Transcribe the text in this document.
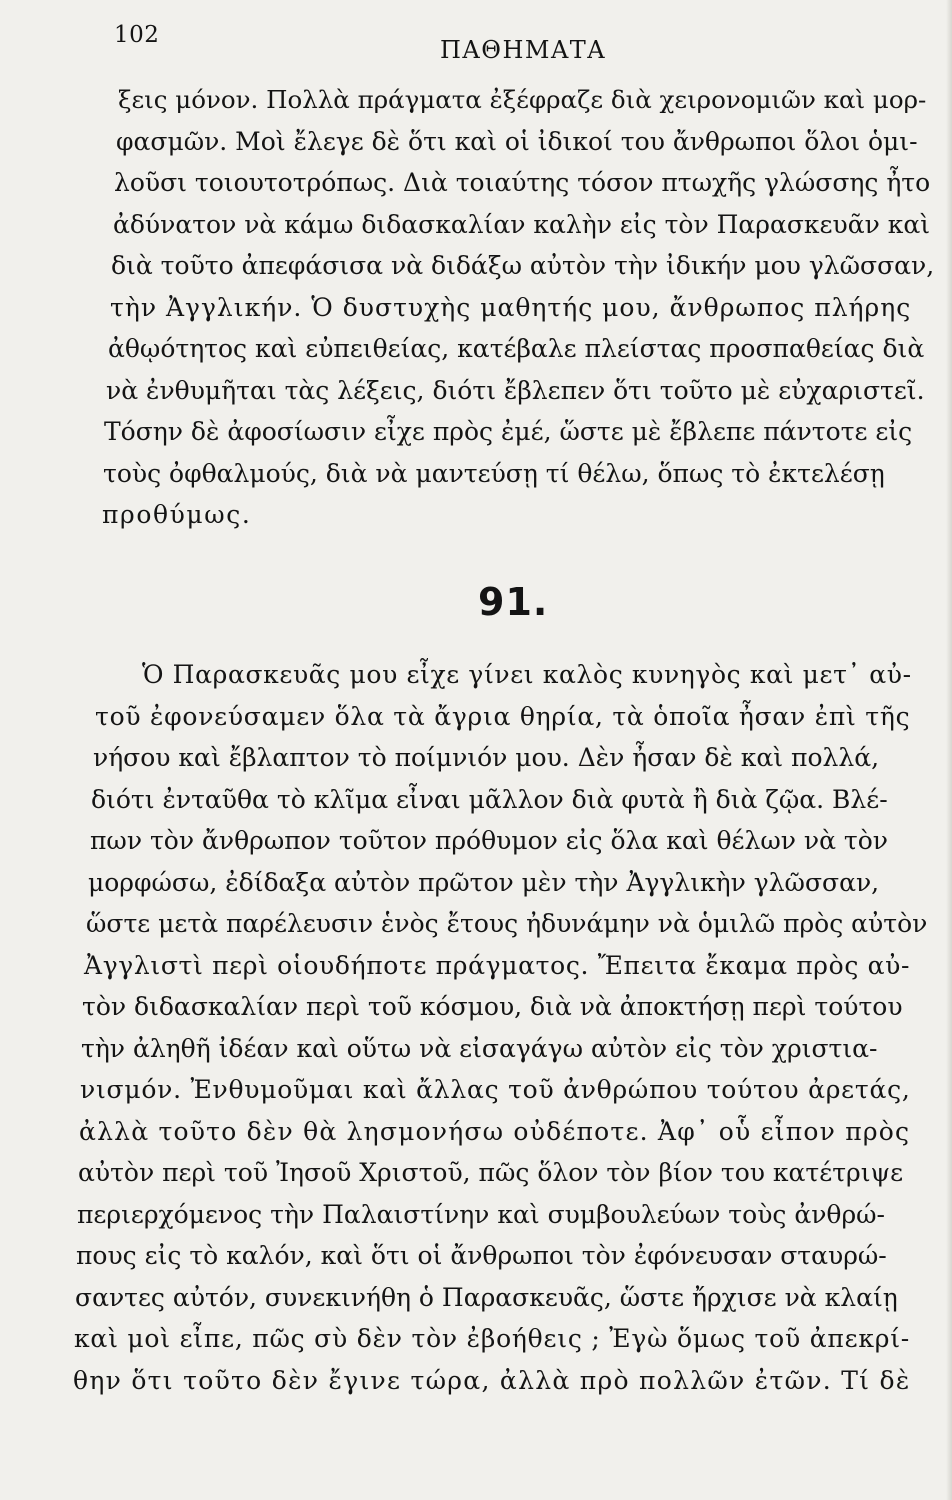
102
ΠΑΘΗΜΑΤΑ
ξεις μόνον. Πολλὰ πράγματα ἐξέφραζε διὰ χειρονομιῶν καὶ μορ-
φασμῶν. Μοὶ ἔλεγε δὲ ὅτι καὶ οἱ ἰδικοί του ἄνθρωποι ὅλοι ὁμι-
λοῦσι τοιουτοτρόπως. Διὰ τοιαύτης τόσον πτωχῆς γλώσσης ἦτο
ἀδύνατον νὰ κάμω διδασκαλίαν καλὴν εἰς τὸν Παρασκευᾶν καὶ
διὰ τοῦτο ἀπεφάσισα νὰ διδάξω αὐτὸν τὴν ἰδικήν μου γλῶσσαν,
τὴν Ἀγγλικήν. Ὁ δυστυχὴς μαθητής μου, ἄνθρωπος πλήρης
ἀθῳότητος καὶ εὐπειθείας, κατέβαλε πλείστας προσπαθείας διὰ
νὰ ἐνθυμῆται τὰς λέξεις, διότι ἔβλεπεν ὅτι τοῦτο μὲ εὐχαριστεῖ.
Τόσην δὲ ἀφοσίωσιν εἶχε πρὸς ἐμέ, ὥστε μὲ ἔβλεπε πάντοτε εἰς
τοὺς ὀφθαλμούς, διὰ νὰ μαντεύσῃ τί θέλω, ὅπως τὸ ἐκτελέσῃ
προθύμως.
91.
Ὁ Παρασκευᾶς μου εἶχε γίνει καλὸς κυνηγὸς καὶ μετ᾽ αὐ-
τοῦ ἐφονεύσαμεν ὅλα τὰ ἄγρια θηρία, τὰ ὁποῖα ἦσαν ἐπὶ τῆς
νήσου καὶ ἔβλαπτον τὸ ποίμνιόν μου. Δὲν ἦσαν δὲ καὶ πολλά,
διότι ἐνταῦθα τὸ κλῖμα εἶναι μᾶλλον διὰ φυτὰ ἢ διὰ ζῷα. Βλέ-
πων τὸν ἄνθρωπον τοῦτον πρόθυμον εἰς ὅλα καὶ θέλων νὰ τὸν
μορφώσω, ἐδίδαξα αὐτὸν πρῶτον μὲν τὴν Ἀγγλικὴν γλῶσσαν,
ὥστε μετὰ παρέλευσιν ἑνὸς ἔτους ἠδυνάμην νὰ ὁμιλῶ πρὸς αὐτὸν
Ἀγγλιστὶ περὶ οἱουδήποτε πράγματος. Ἔπειτα ἔκαμα πρὸς αὐ-
τὸν διδασκαλίαν περὶ τοῦ κόσμου, διὰ νὰ ἀποκτήσῃ περὶ τούτου
τὴν ἀληθῆ ἰδέαν καὶ οὕτω νὰ εἰσαγάγω αὐτὸν εἰς τὸν χριστια-
νισμόν. Ἐνθυμοῦμαι καὶ ἄλλας τοῦ ἀνθρώπου τούτου ἀρετάς,
ἀλλὰ τοῦτο δὲν θὰ λησμονήσω οὐδέποτε. Ἀφ᾽ οὗ εἶπον πρὸς
αὐτὸν περὶ τοῦ Ἰησοῦ Χριστοῦ, πῶς ὅλον τὸν βίον του κατέτριψε
περιερχόμενος τὴν Παλαιστίνην καὶ συμβουλεύων τοὺς ἀνθρώ-
πους εἰς τὸ καλόν, καὶ ὅτι οἱ ἄνθρωποι τὸν ἐφόνευσαν σταυρώ-
σαντες αὐτόν, συνεκινήθη ὁ Παρασκευᾶς, ὥστε ἤρχισε νὰ κλαίῃ
καὶ μοὶ εἶπε, πῶς σὺ δὲν τὸν ἐβοήθεις ; Ἐγὼ ὅμως τοῦ ἀπεκρί-
θην ὅτι τοῦτο δὲν ἔγινε τώρα, ἀλλὰ πρὸ πολλῶν ἐτῶν. Τί δὲ
